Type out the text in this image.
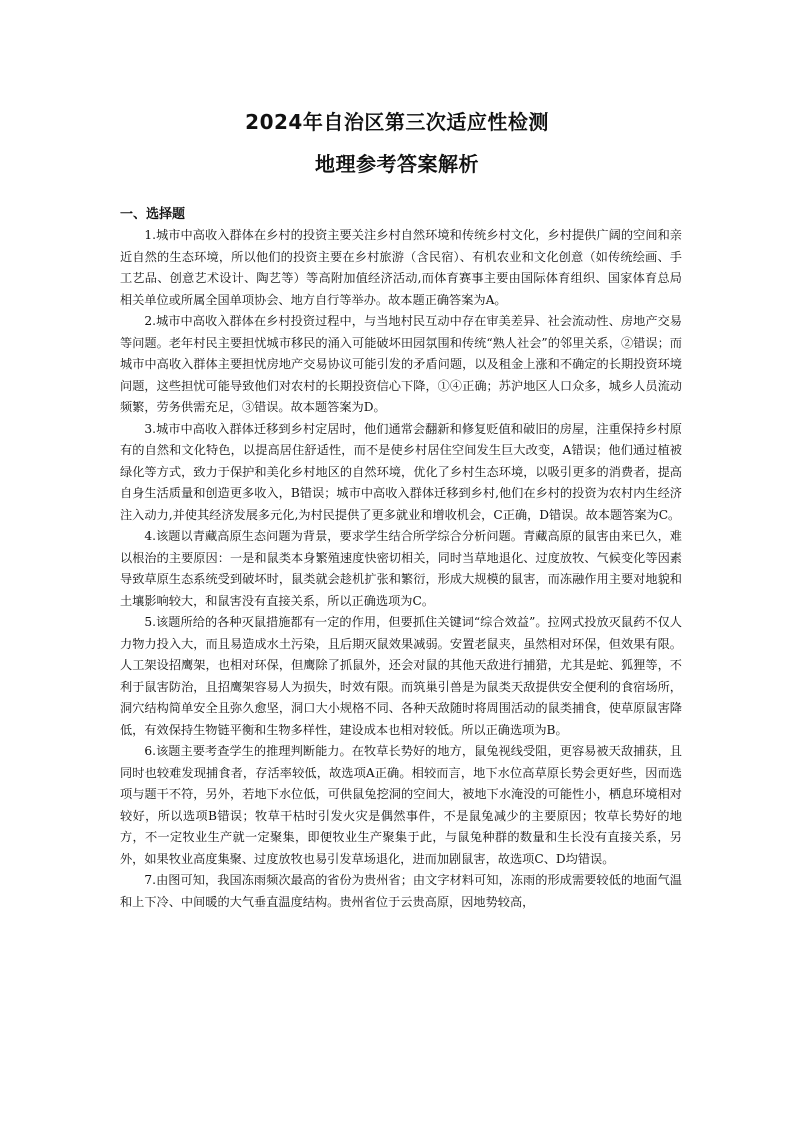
2024年自治区第三次适应性检测
地理参考答案解析
一、选择题

1.城市中高收入群体在乡村的投资主要关注乡村自然环境和传统乡村文化，乡村提供广阔的空间和亲近自然的生态环境，所以他们的投资主要在乡村旅游（含民宿）、有机农业和文化创意（如传统绘画、手工艺品、创意艺术设计、陶艺等）等高附加值经济活动,而体育赛事主要由国际体育组织、国家体育总局相关单位或所属全国单项协会、地方自行等举办。故本题正确答案为A。

2.城市中高收入群体在乡村投资过程中，与当地村民互动中存在审美差异、社会流动性、房地产交易等问题。老年村民主要担忧城市移民的涌入可能破坏田园氛围和传统“熟人社会”的邻里关系，②错误；而城市中高收入群体主要担忧房地产交易协议可能引发的矛盾问题，以及租金上涨和不确定的长期投资环境问题，这些担忧可能导致他们对农村的长期投资信心下降，①④正确；苏沪地区人口众多，城乡人员流动频繁，劳务供需充足，③错误。故本题答案为D。

3.城市中高收入群体迁移到乡村定居时，他们通常会翻新和修复贬值和破旧的房屋，注重保持乡村原有的自然和文化特色，以提高居住舒适性，而不是使乡村居住空间发生巨大改变，A错误；他们通过植被绿化等方式，致力于保护和美化乡村地区的自然环境，优化了乡村生态环境，以吸引更多的消费者，提高自身生活质量和创造更多收入，B错误；城市中高收入群体迁移到乡村,他们在乡村的投资为农村内生经济注入动力,并使其经济发展多元化,为村民提供了更多就业和增收机会，C正确，D错误。故本题答案为C。

4.该题以青藏高原生态问题为背景，要求学生结合所学综合分析问题。青藏高原的鼠害由来已久，难以根治的主要原因：一是和鼠类本身繁殖速度快密切相关，同时当草地退化、过度放牧、气候变化等因素导致草原生态系统受到破坏时，鼠类就会趁机扩张和繁衍，形成大规模的鼠害，而冻融作用主要对地貌和土壤影响较大，和鼠害没有直接关系，所以正确选项为C。

5.该题所给的各种灭鼠措施都有一定的作用，但要抓住关键词“综合效益”。拉网式投放灭鼠药不仅人力物力投入大，而且易造成水土污染，且后期灭鼠效果减弱。安置老鼠夹，虽然相对环保，但效果有限。人工架设招鹰架，也相对环保，但鹰除了抓鼠外，还会对鼠的其他天敌进行捕猎，尤其是蛇、狐狸等，不利于鼠害防治，且招鹰架容易人为损失，时效有限。而筑巢引兽是为鼠类天敌提供安全便利的食宿场所，洞穴结构简单安全且弥久愈坚，洞口大小规格不同、各种天敌随时将周围活动的鼠类捕食，使草原鼠害降低，有效保持生物链平衡和生物多样性，建设成本也相对较低。所以正确选项为B。

6.该题主要考查学生的推理判断能力。在牧草长势好的地方，鼠兔视线受阻，更容易被天敌捕获，且同时也较难发现捕食者，存活率较低，故选项A正确。相较而言，地下水位高草原长势会更好些，因而选项与题干不符，另外，若地下水位低，可供鼠兔挖洞的空间大，被地下水淹没的可能性小，栖息环境相对较好，所以选项B错误；牧草干枯时引发火灾是偶然事件，不是鼠兔减少的主要原因；牧草长势好的地方，不一定牧业生产就一定聚集，即便牧业生产聚集于此，与鼠兔种群的数量和生长没有直接关系，另外，如果牧业高度集聚、过度放牧也易引发草场退化，进而加剧鼠害，故选项C、D均错误。

7.由图可知，我国冻雨频次最高的省份为贵州省；由文字材料可知，冻雨的形成需要较低的地面气温和上下冷、中间暖的大气垂直温度结构。贵州省位于云贵高原，因地势较高，
